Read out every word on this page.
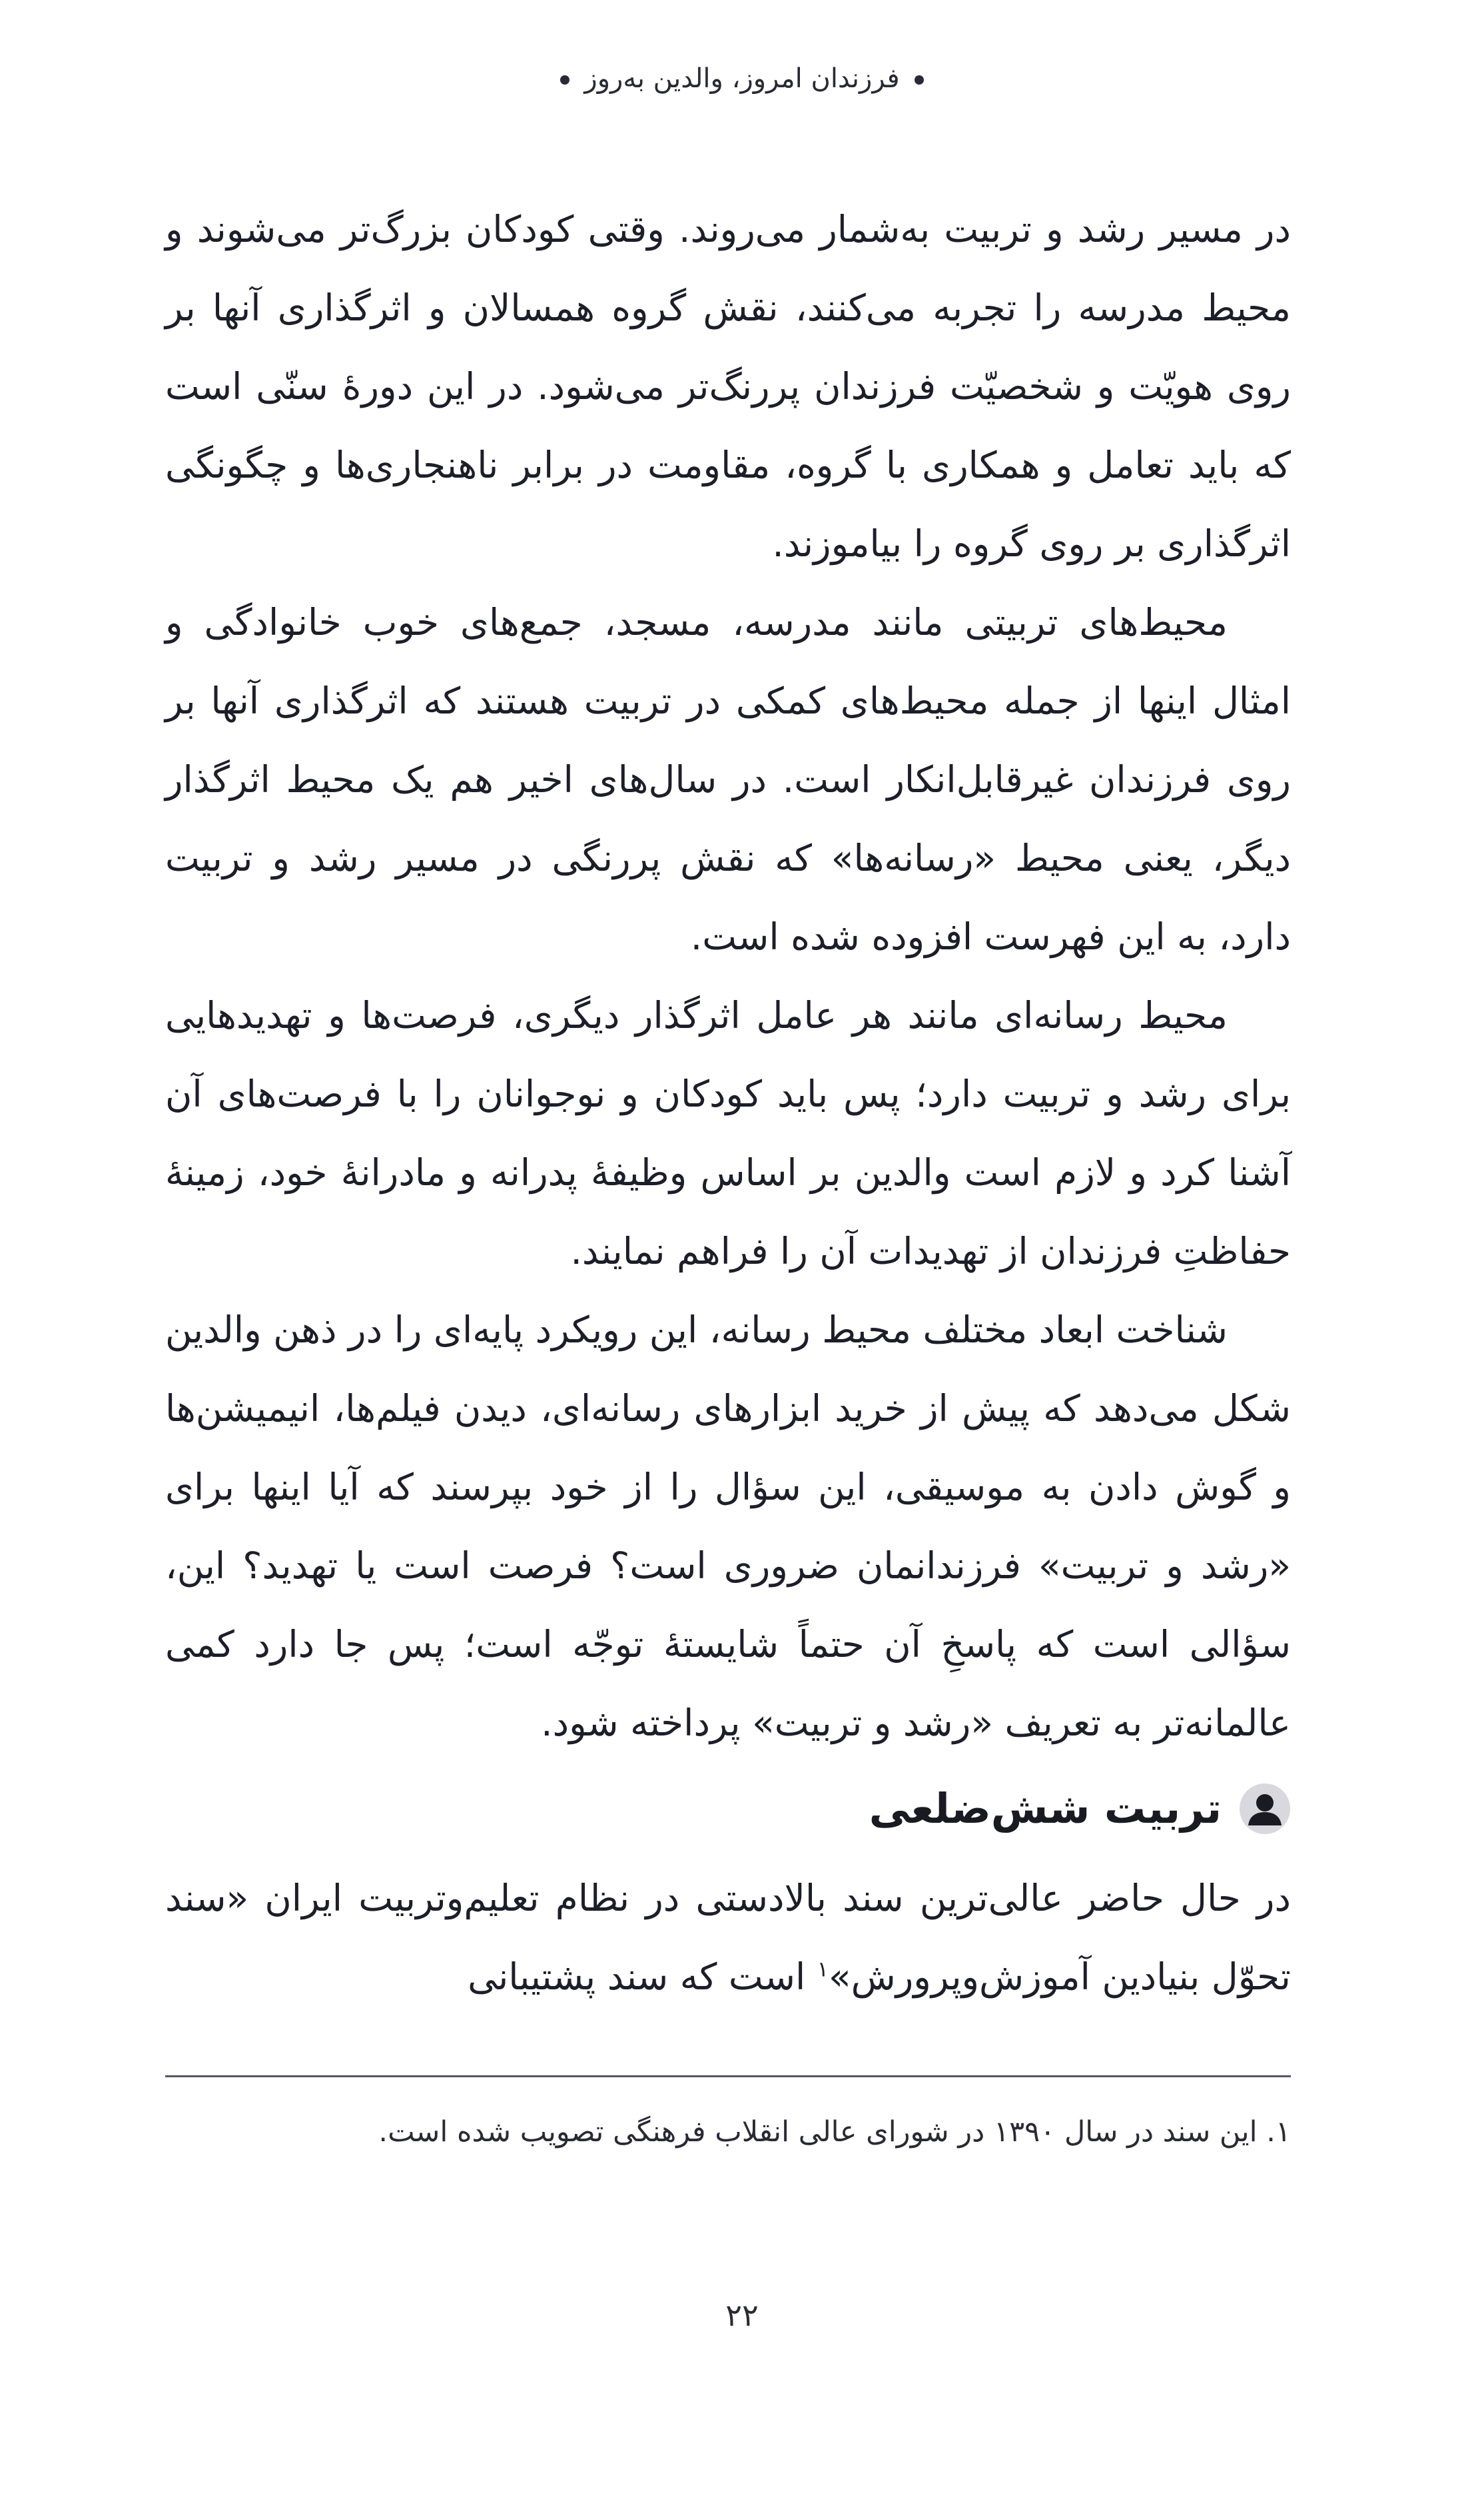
فرزندان امروز، والدین به‌روز

در مسیر رشد و تربیت به‌شمار می‌روند. وقتی کودکان بزرگ‌تر می‌شوند و محیط مدرسه را تجربه می‌کنند، نقش گروه همسالان و اثرگذاری آنها بر روی هویّت و شخصیّت فرزندان پررنگ‌تر می‌شود. در این دورهٔ سنّی است که باید تعامل و همکاری با گروه، مقاومت در برابر ناهنجاری‌ها و چگونگی اثرگذاری بر روی گروه را بیاموزند.

محیط‌های تربیتی مانند مدرسه، مسجد، جمع‌های خوب خانوادگی و امثال اینها از جمله محیط‌های کمکی در تربیت هستند که اثرگذاری آنها بر روی فرزندان غیرقابل‌انکار است. در سال‌های اخیر هم یک محیط اثرگذار دیگر، یعنی محیط «رسانه‌ها» که نقش پررنگی در مسیر رشد و تربیت دارد، به این فهرست افزوده شده است.

محیط رسانه‌ای مانند هر عامل اثرگذار دیگری، فرصت‌ها و تهدیدهایی برای رشد و تربیت دارد؛ پس باید کودکان و نوجوانان را با فرصت‌های آن آشنا کرد و لازم است والدین بر اساس وظیفهٔ پدرانه و مادرانهٔ خود، زمینهٔ حفاظتِ فرزندان از تهدیدات آن را فراهم نمایند.

شناخت ابعاد مختلف محیط رسانه، این رویکرد پایه‌ای را در ذهن والدین شکل می‌دهد که پیش از خرید ابزارهای رسانه‌ای، دیدن فیلم‌ها، انیمیشن‌ها و گوش دادن به موسیقی، این سؤال را از خود بپرسند که آیا اینها برای «رشد و تربیت» فرزندانمان ضروری است؟ فرصت است یا تهدید؟ این، سؤالی است که پاسخِ آن حتماً شایستهٔ توجّه است؛ پس جا دارد کمی عالمانه‌تر به تعریف «رشد و تربیت» پرداخته شود.

تربیت شش‌ضلعی

در حال حاضر عالی‌ترین سند بالادستی در نظام تعلیم‌وتربیت ایران «سند تحوّل بنیادین آموزش‌وپرورش»$^۱$ است که سند پشتیبانی

۱. این سند در سال ۱۳۹۰ در شورای عالی انقلاب فرهنگی تصویب شده است.
۲۲
